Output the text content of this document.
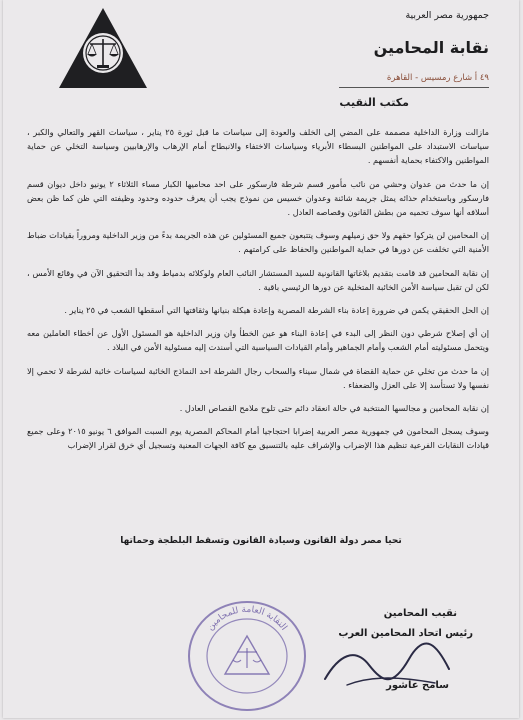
جمهورية مصر العربية
نقابة المحامين
٤٩ أ شارع رمسيس - القاهرة
مكتب النقيب

مازالت وزارة الداخلية مصممة على المضي إلى الخلف والعودة إلى سياسات ما قبل ثورة ٢٥ يناير ، سياسات القهر والتعالي والكبر ، سياسات الاستبداد على المواطنين البسطاء الأبرياء وسياسات الاختفاء والانبطاح أمام الإرهاب والإرهابيين وسياسة التخلي عن حماية المواطنين والاكتفاء بحماية أنفسهم .

إن ما حدث من عدوان وحشي من نائب مأمور قسم شرطة فارسكور على احد محاميها الكبار مساء الثلاثاء ٢ يونيو داخل ديوان قسم فارسكور وباستخدام حذائه يمثل جريمة شائنة وعدوان خسيس من نموذج يجب أن يعرف حدوده وحدود وظيفته التي ظن كما ظن بعض أسلافه أنها سوف تحميه من بطش القانون وقصاصه العادل .

إن المحامين لن يتركوا حقهم ولا حق زميلهم وسوف يتتبعون جميع المسئولين عن هذه الجريمة بدءً من وزير الداخلية ومروراً بقيادات ضباط الأمنية التي تخلفت عن دورها في حماية المواطنين والحفاظ على كرامتهم .

إن نقابة المحامين قد قامت بتقديم بلاغاتها القانونية للسيد المستشار النائب العام ولوكلائه بدمياط وقد بدأ التحقيق الآن في وقائع الأمس ، لكن لن تقبل سياسة الأمن الخائبة المتخلية عن دورها الرئيسي باقية .

إن الحل الحقيقي يكمن في ضرورة إعادة بناء الشرطة المصرية وإعادة هيكلة بنيانها وثقافتها التي أسقطها الشعب في ٢٥ يناير .

إن أي إصلاح شرطي دون النظر إلى البدء في إعادة البناء هو عين الخطأ وان وزير الداخلية هو المسئول الأول عن أخطاء العاملين معه ويتحمل مسئوليته أمام الشعب وأمام الجماهير وأمام القيادات السياسية التي أسندت إليه مسئولية الأمن في البلاد .

إن ما حدث من تخلي عن حماية القضاة في شمال سيناء والسحاب رجال الشرطة احد النماذج الخائبة لسياسات خائبة لشرطة لا تحمي إلا نفسها ولا تستأسد إلا على العزل والضعفاء .

إن نقابة المحامين و مجالسها المنتخبة في حالة انعقاد دائم حتى تلوح ملامح القصاص العادل .

وسوف يسجل المحامون في جمهورية مصر العربية إضرابا احتجاجيا أمام المحاكم المصرية يوم السبت الموافق ٦ يونيو ٢٠١٥ وعلى جميع قيادات النقابات الفرعية تنظيم هذا الإضراب والإشراف عليه بالتنسيق مع كافة الجهات المعنية وتسجيل أي خرق لقرار الإضراب

تحيا مصر دولة القانون وسيادة القانون وتسقط البلطجة وحماتها
النقابة العامة للمحامين
نقيب المحامين
رئيس اتحاد المحامين العرب
سامح عاشور
